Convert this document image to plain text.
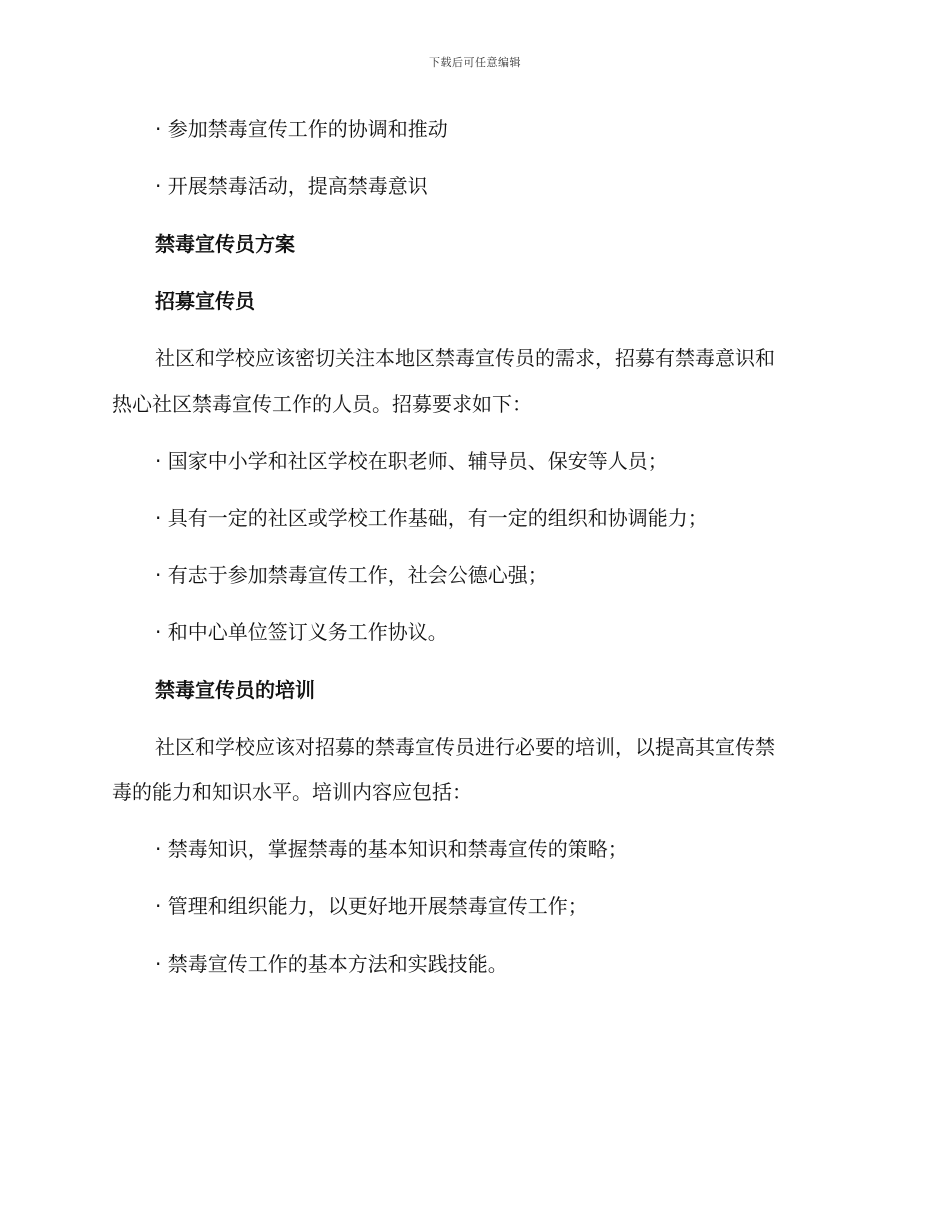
下载后可任意编辑
· 参加禁毒宣传工作的协调和推动
· 开展禁毒活动，提高禁毒意识
禁毒宣传员方案
招募宣传员
社区和学校应该密切关注本地区禁毒宣传员的需求，招募有禁毒意识和
热心社区禁毒宣传工作的人员。招募要求如下：
· 国家中小学和社区学校在职老师、辅导员、保安等人员；
· 具有一定的社区或学校工作基础，有一定的组织和协调能力；
· 有志于参加禁毒宣传工作，社会公德心强；
· 和中心单位签订义务工作协议。
禁毒宣传员的培训
社区和学校应该对招募的禁毒宣传员进行必要的培训，以提高其宣传禁
毒的能力和知识水平。培训内容应包括：
· 禁毒知识，掌握禁毒的基本知识和禁毒宣传的策略；
· 管理和组织能力，以更好地开展禁毒宣传工作；
· 禁毒宣传工作的基本方法和实践技能。
